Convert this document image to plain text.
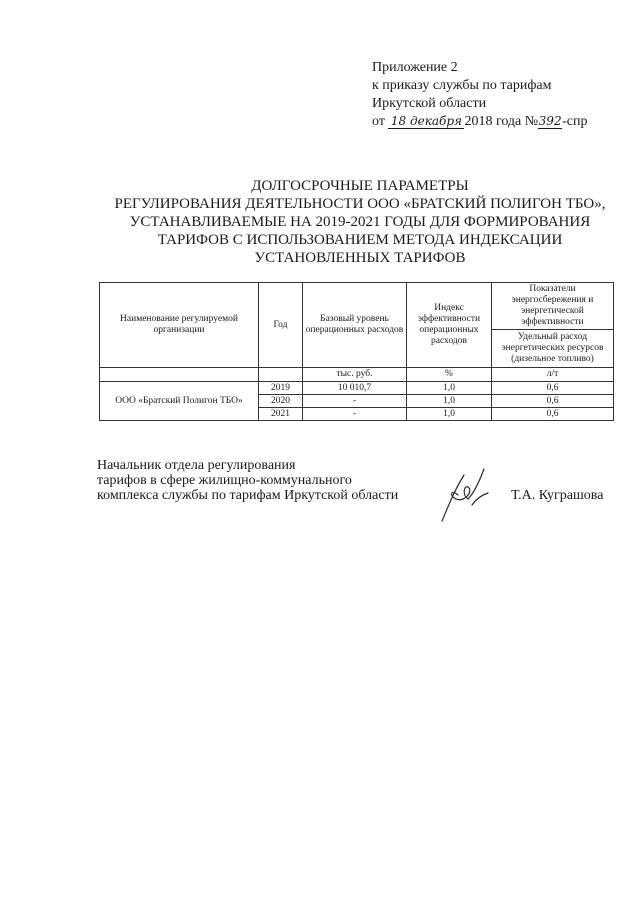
Приложение 2
к приказу службы по тарифам
Иркутской области
от 18 декабря 2018 года №392-спр
ДОЛГОСРОЧНЫЕ ПАРАМЕТРЫ
РЕГУЛИРОВАНИЯ ДЕЯТЕЛЬНОСТИ ООО «БРАТСКИЙ ПОЛИГОН ТБО»,
УСТАНАВЛИВАЕМЫЕ НА 2019-2021 ГОДЫ ДЛЯ ФОРМИРОВАНИЯ
ТАРИФОВ С ИСПОЛЬЗОВАНИЕМ МЕТОДА ИНДЕКСАЦИИ
УСТАНОВЛЕННЫХ ТАРИФОВ
Наименование регулируемой организации	Год	Базовый уровень операционных расходов	Индекс эффективности операционных расходов	Показатели энергосбережения и энергетической эффективности
				Удельный расход энергетических ресурсов (дизельное топливо)
		тыс. руб.	%	л/т
ООО «Братский Полигон ТБО»	2019	10 010,7	1,0	0,6
	2020	-	1,0	0,6
	2021	-	1,0	0,6
Начальник отдела регулирования
тарифов в сфере жилищно-коммунального
комплекса службы по тарифам Иркутской области	Т.А. Куграшова
